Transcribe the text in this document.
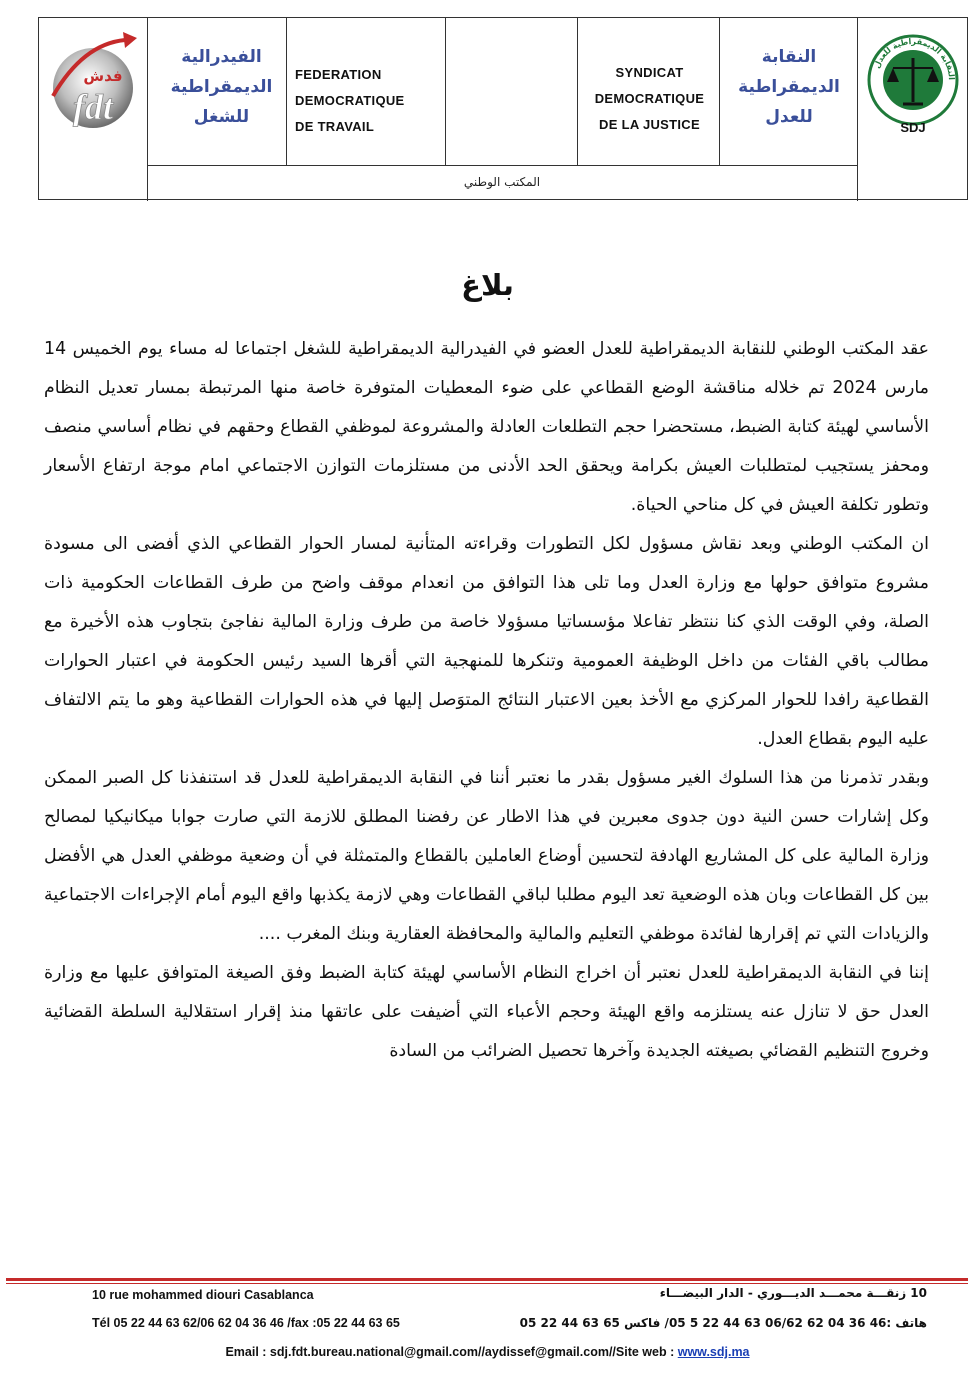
فدش
fdt
الفيدرالية
الديمقراطية
للشغل
FEDERATION
DEMOCRATIQUE
DE TRAVAIL
SYNDICAT
DEMOCRATIQUE
DE LA JUSTICE
النقابة
الديمقراطية
للعدل
النقابة الديمقراطية للعدل
SDJ
المكتب الوطني
بلاغ

عقد المكتب الوطني للنقابة الديمقراطية للعدل العضو في الفيدرالية الديمقراطية للشغل اجتماعا له مساء يوم الخميس 14 مارس 2024 تم خلاله مناقشة الوضع القطاعي على ضوء المعطيات المتوفرة خاصة منها المرتبطة بمسار تعديل النظام الأساسي لهيئة كتابة الضبط، مستحضرا حجم التطلعات العادلة والمشروعة لموظفي القطاع وحقهم في نظام أساسي منصف ومحفز يستجيب لمتطلبات العيش بكرامة ويحقق الحد الأدنى من مستلزمات التوازن الاجتماعي امام موجة ارتفاع الأسعار وتطور تكلفة العيش في كل مناحي الحياة.

ان المكتب الوطني وبعد نقاش مسؤول لكل التطورات وقراءته المتأنية لمسار الحوار القطاعي الذي أفضى الى مسودة مشروع متوافق حولها مع وزارة العدل وما تلى هذا التوافق من انعدام موقف واضح من طرف القطاعات الحكومية ذات الصلة، وفي الوقت الذي كنا ننتظر تفاعلا مؤسساتيا مسؤولا خاصة من طرف وزارة المالية نفاجئ بتجاوب هذه الأخيرة مع مطالب باقي الفئات من داخل الوظيفة العمومية وتنكرها للمنهجية التي أقرها السيد رئيس الحكومة في اعتبار الحوارات القطاعية رافدا للحوار المركزي مع الأخذ بعين الاعتبار النتائج المتوَصل إليها في هذه الحوارات القطاعية وهو ما يتم الالتفاف عليه اليوم بقطاع العدل.

وبقدر تذمرنا من هذا السلوك الغير مسؤول بقدر ما نعتبر أننا في النقابة الديمقراطية للعدل قد استنفذنا كل الصبر الممكن وكل إشارات حسن النية دون جدوى معبرين في هذا الاطار عن رفضنا المطلق للازمة التي صارت جوابا ميكانيكيا لمصالح وزارة المالية على كل المشاريع الهادفة لتحسين أوضاع العاملين بالقطاع والمتمثلة في أن وضعية موظفي العدل هي الأفضل بين كل القطاعات وبان هذه الوضعية تعد اليوم مطلبا لباقي القطاعات وهي لازمة يكذبها واقع اليوم أمام الإجراءات الاجتماعية والزيادات التي تم إقرارها لفائدة موظفي التعليم والمالية والمحافظة العقارية وبنك المغرب ....

إننا في النقابة الديمقراطية للعدل نعتبر أن اخراج النظام الأساسي لهيئة كتابة الضبط وفق الصيغة المتوافق عليها مع وزارة العدل حق لا تنازل عنه يستلزمه واقع الهيئة وحجم الأعباء التي أضيفت على عاتقها منذ إقرار استقلالية السلطة القضائية وخروج التنظيم القضائي بصيغته الجديدة وآخرها تحصيل الضرائب من السادة

10 rue mohammed diouri Casablanca	10 زنقـــة محمـــد الديـــوري - الدار البيضـــاء
Tél 05 22 44 63 62/06 62 04 36 46 /fax :05 22 44 63 65	هاتف :46 36 04 62 06/62 63 44 22 5 05/ فاكس 65 63 44 22 05
Email : sdj.fdt.bureau.national@gmail.com//aydissef@gmail.com//Site web : www.sdj.ma
